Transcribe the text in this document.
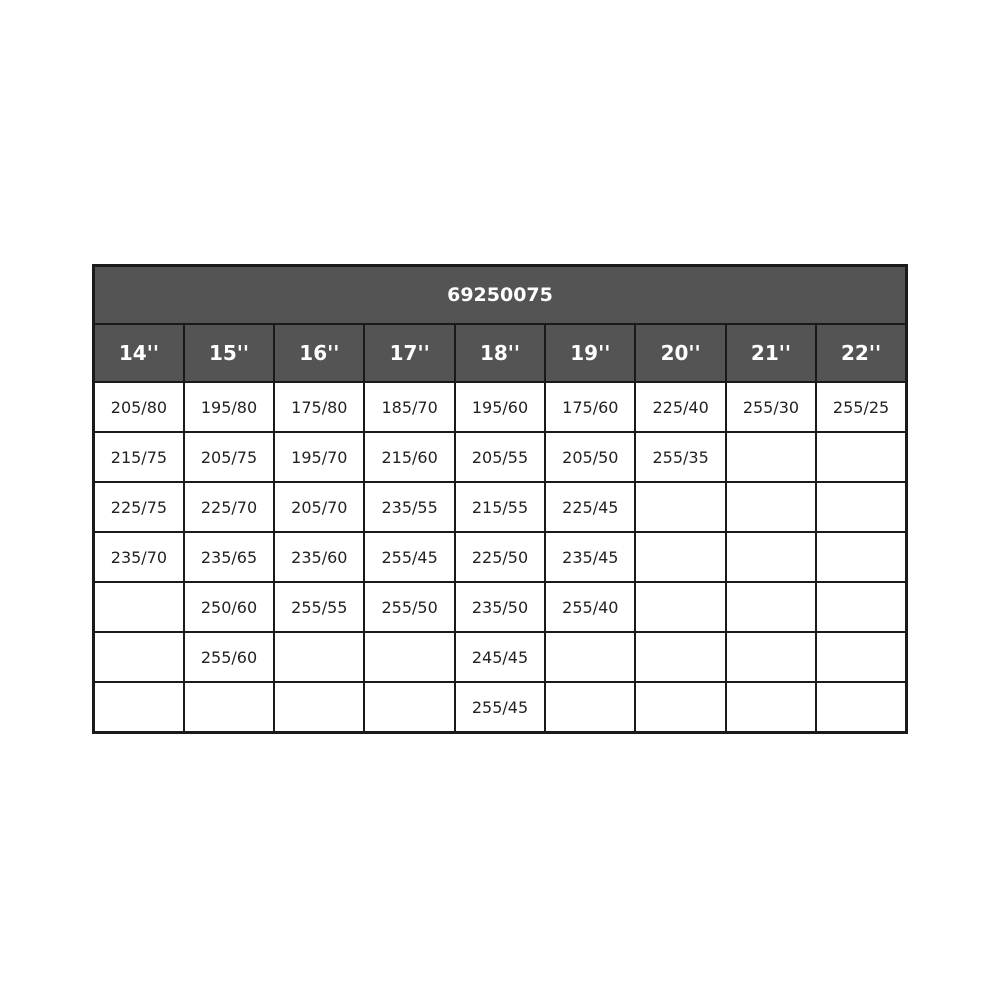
69250075								
14''	15''	16''	17''	18''	19''	20''	21''	22''
205/80	195/80	175/80	185/70	195/60	175/60	225/40	255/30	255/25
215/75	205/75	195/70	215/60	205/55	205/50	255/35		
225/75	225/70	205/70	235/55	215/55	225/45			
235/70	235/65	235/60	255/45	225/50	235/45			
	250/60	255/55	255/50	235/50	255/40			
	255/60			245/45				
				255/45				
